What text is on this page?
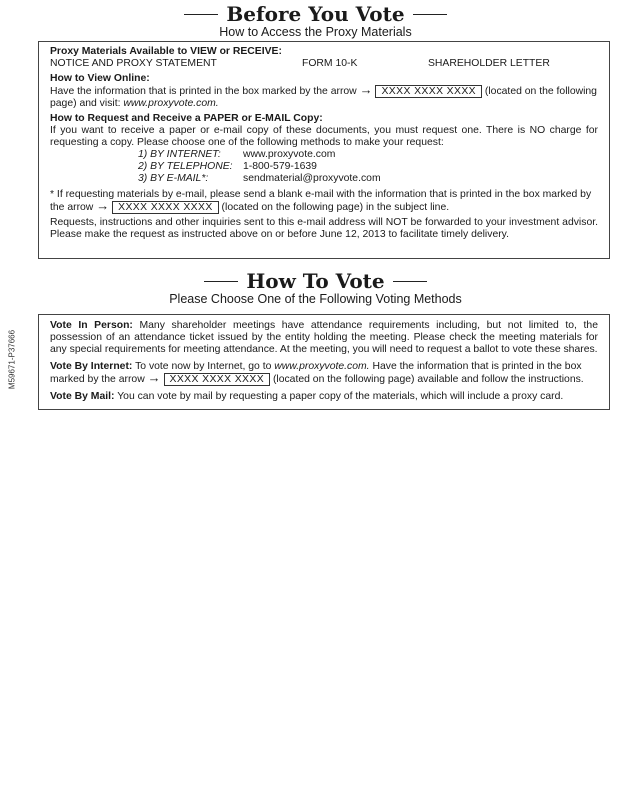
Before You Vote
How to Access the Proxy Materials
Proxy Materials Available to VIEW or RECEIVE:
NOTICE AND PROXY STATEMENT	FORM 10-K	SHAREHOLDER LETTER
How to View Online:
Have the information that is printed in the box marked by the arrow → XXXX XXXX XXXX (located on the following page) and visit: www.proxyvote.com.
How to Request and Receive a PAPER or E-MAIL Copy:
If you want to receive a paper or e-mail copy of these documents, you must request one. There is NO charge for requesting a copy. Please choose one of the following methods to make your request:
1) BY INTERNET:	www.proxyvote.com
2) BY TELEPHONE:	1-800-579-1639
3) BY E-MAIL*:	sendmaterial@proxyvote.com
* If requesting materials by e-mail, please send a blank e-mail with the information that is printed in the box marked by the arrow → XXXX XXXX XXXX (located on the following page) in the subject line.
Requests, instructions and other inquiries sent to this e-mail address will NOT be forwarded to your investment advisor. Please make the request as instructed above on or before June 12, 2013 to facilitate timely delivery.
How To Vote
Please Choose One of the Following Voting Methods
Vote In Person: Many shareholder meetings have attendance requirements including, but not limited to, the possession of an attendance ticket issued by the entity holding the meeting. Please check the meeting materials for any special requirements for meeting attendance. At the meeting, you will need to request a ballot to vote these shares.
Vote By Internet: To vote now by Internet, go to www.proxyvote.com. Have the information that is printed in the box marked by the arrow → XXXX XXXX XXXX (located on the following page) available and follow the instructions.
Vote By Mail: You can vote by mail by requesting a paper copy of the materials, which will include a proxy card.
M59671-P37666
